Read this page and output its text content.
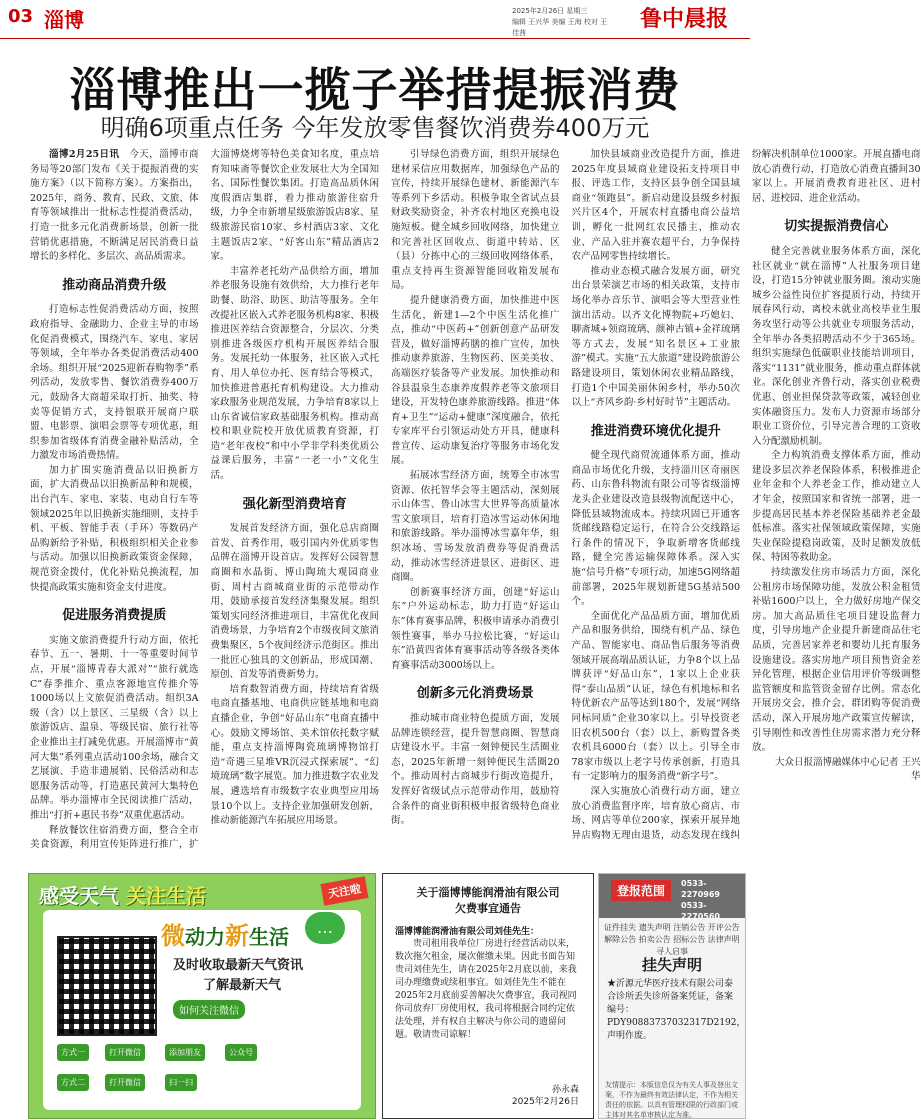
03 淄博	2025年2月26日 星期三
编辑 王兴华 美编 王海 校对 王佳茜
鲁中晨报
淄博推出一揽子举措提振消费
明确6项重点任务 今年发放零售餐饮消费券400万元

淄博2月25日讯　 今天，淄博市商务局等20部门发布《关于提振消费的实施方案》（以下简称方案）。方案指出，2025年，商务、教育、民政、文旅、体育等领域推出一批标志性提消费活动，打造一批多元化消费新场景，创新一批营销优惠措施，不断满足居民消费日益增长的多样化、多层次、高品质需求。

推动商品消费升级

打造标志性促消费活动方面，按照政府指导、金融助力、企业主导的市场化促消费模式，围绕汽车、家电、家居等领域，全年举办各类促消费活动400余场。组织开展“2025迎新春购物季”系列活动，发放零售、餐饮消费券400万元，鼓励各大商超采取打折、抽奖、特卖等促销方式，支持银联开展商户联盟、电影票、演唱会票等专项优惠，组织参加省级体育消费金融补贴活动，全力激发市场消费热情。

加力扩围实施消费品以旧换新方面，扩大消费品以旧换新品种和规模，出台汽车、家电、家装、电动自行车等领域2025年以旧换新实施细则，支持手机、平板、智能手表（手环）等数码产品购新给予补贴，积极组织相关企业参与活动。加强以旧换新政策资金保障，规范资金拨付，优化补贴兑换流程，加快提高政策实施和资金支付进度。

促进服务消费提质

实施文旅消费提升行动方面，依托春节、五一、暑期、十一等重要时间节点，开展“淄博青春大派对”“旅行就选C”春季推介、重点客源地宣传推介等1000场以上文旅促消费活动。组织3A级（含）以上景区、三星级（含）以上旅游饭店、温泉、等级民宿、旅行社等企业推出主打减免优惠。开展淄博市“黄河大集”系列重点活动100余场，融合文艺展演、手造非遗展销、民俗活动和志愿服务活动等，打造惠民黄河大集特色品牌。举办淄博市全民阅读推广活动，推出“打折+惠民书券”双重优惠活动。

释放餐饮住宿消费方面，整合全市美食资源，利用宣传矩阵进行推广，扩大淄博烧烤等特色美食知名度，重点培育知味斋等餐饮企业发展壮大为全国知名、国际性餐饮集团。打造高品质休闲度假酒店集群，着力推动旅游住宿升级，力争全市新增星级旅游饭店8家、星级旅游民宿10家、乡村酒店3家、文化主题饭店2家、“好客山东”精品酒店2家。

丰富养老托幼产品供给方面，增加养老服务设施有效供给，大力推行老年助餐、助浴、助医、助洁等服务。全年改提社区嵌入式养老服务机构8家、积极推进医养结合资源整合，分层次、分类别推进各级医疗机构开展医养结合服务。发展托幼一体服务，社区嵌入式托育、用人单位办托、医育结合等模式，加快推进普惠托育机构建设。大力推动家政服务业规范发展，力争培育8家以上山东省诚信家政基础服务机构。推动高校和职业院校开放优质教育资源，打造“老年夜校”和中小学非学科类优质公益课后服务，丰富“一老一小”文化生活。

强化新型消费培育

发展首发经济方面，强化总店商圈首发、首秀作用，吸引国内外优质零售品牌在淄博开设首店。发挥好公园智慧商圈和水晶街、博山陶琉大观园商业街、周村古商城商业街的示范带动作用，鼓励承接首发经济集聚发展。组织策划实同经济推进项目，丰富优化夜间消费场景，力争培育2个市级夜间文旅消费集聚区，5个夜间经济示范街区。推出一批匠心独具的文创新品，形成国潮、原创、首发等消费新势力。

培育数智消费方面，持续培育省级电商直播基地、电商供应链基地和电商直播企业，争创“好品山东”电商直播中心。鼓励文博场馆、美术馆依托数字赋能，重点支持淄博陶瓷琉璃博物馆打造“奇遇三星堆VR沉浸式探索展”、“幻境琉璃”数字展览。加力推进数字农业发展，遴选培育市级数字农业典型应用场景10个以上。支持企业加强研发创新，推动新能源汽车拓展应用场景。

引导绿色消费方面，组织开展绿色建材采信应用数据库，加强绿色产品的宣传，持续开展绿色建材、新能源汽车等系列下乡活动。积极争取全省试点县财政奖励资金，补齐农村地区充换电设施短板。健全城乡回收网络，加快建立和完善社区回收点、街道中转站、区（县）分拣中心的三级回收网络体系，重点支持再生资源智能回收箱发展布局。

提升健康消费方面，加快推进中医生活化，新建1—2个中医生活化推广点，推动“中医药+”创新创意产品研发营及，做好淄博药膳的推广宣传，加快推动康养旅游、生物医药、医美美妆、高端医疗装备等产业发展。加快推动和谷县温泉生态康养度假养老等文旅项目建设，开发特色康养旅游线路。推进“体育+卫生”“运动+健康”深度融合，依托专家库平台引领运动处方开具，健康科普宣传、运动康复治疗等服务市场化发展。

拓展冰雪经济方面，统筹全市冰雪资源、依托智华会等主题活动，深刻展示山体雪、鲁山冰雪大世界等高质量冰雪文旅项目，培育打造冰雪运动休闲地和旅游线路。举办淄博冰雪嘉年华，组织冰场、雪场发放消费券等促消费活动，推动冰雪经济进景区、进街区、进商圈。

创新赛事经济方面，创建“好运山东”户外运动标志，助力打造“好运山东”体育赛事品牌，积极申请承办消费引领性赛事，举办马拉松比赛，“好运山东”沿黄四省体育赛事活动等各级各类体育赛事活动3000场以上。

创新多元化消费场景

推动城市商业特色提质方面，发展品牌连锁经营，提升智慧商圈、智慧商店建设水平。丰富一刻钟便民生活圈业态，2025年新增一刻钟便民生活圈20个。推动周村古商城步行街改造提升，发挥好省级试点示范带动作用，鼓励符合条件的商业街积极申报省级特色商业街。

加快县域商业改造提升方面，推进2025年度县域商业建设拓支持项目申报、评选工作，支持区县争创全国县域商业“领跑县”。新启动建设县级乡村振兴片区4个，开展农村直播电商公益培训，孵化一批网红农民播主，推动农业、产品入驻并赛农超平台，力争保持农产品网零售持续增长。

推动业态模式融合发展方面，研究出台景荣演艺市场的相关政策，支持市场化举办音乐节、演唱会等大型营业性演出活动。以齐文化博物院+巧媳妇、聊斋城+领商琉璃、颜神古镇+金祥琉璃等方式去，发展“知名景区+工业旅游”模式。实施“五大旅道”建设跨旅游公路建设项目，策划休闲农业精品路线，打造1个中国美丽休闲乡村，举办50次以上“齐风乡韵·乡村好时节”主题活动。

推进消费环境优化提升

健全现代商贸流通体系方面，推动商品市场优化升级，支持淄川区奇丽医药、山东鲁科物流有限公司等省级淄博龙头企业建设改造县级物流配送中心，降低县域物流成本。持续巩固已开通客货邮线路稳定运行，在符合公交线路运行条件的情况下，争取新增客货邮线路，健全完善运输保障体系。深入实施“信号升格”专项行动，加速5G网络超前部署，2025年规划新建5G基站500个。

全面优化产品品质方面，增加优质产品和服务供给，围绕有机产品、绿色产品、智能家电、商品售后服务等消费领域开展高端品质认证，力争8个以上品牌获评“好品山东”，1家以上企业获得“泰山品质”认证，绿色有机地标和名特优新农产品等达到180个，发展“网络同标同质”企业30家以上。引导投资老旧农机500台（套）以上，新购置各类农机具6000台（套）以上。引导全市78家市级以上老字号传承创新，打造具有一定影响力的服务消费“新字号”。

深入实施放心消费行动方面，建立放心消费监督序库，培育放心商店、市场、网店等单位200家，探索开展异地异店购物无理由退货，动态发现在线纠纷解决机制单位1000家。开展直播电商放心消费行动，打造放心消费直播间30家以上。开展消费教育进社区、进村居、进校园、进企业活动。

切实提振消费信心

健全完善就业服务体系方面，深化社区就业“就在淄博”人社服务项目建设，打造15分钟就业服务圈。滚动实施城乡公益性岗位扩容提质行动，持续开展春风行动，离校未就业高校毕业生服务攻坚行动等公共就业专项服务活动，全年举办各类招聘活动不少于365场。组织实施绿色低碳职业技能培训项目，落实“1131”就业服务，推动重点群体就业。深化创业齐鲁行动，落实创业税费优惠、创业担保贷款等政策，减轻创业实体融资压力。发布人力资源市场部分职业工资价位，引导完善合理的工资收入分配激励机制。

全力构筑消费支撑体系方面，推动建设多层次养老保险体系，积极推进企业年金和个人养老金工作，推动建立人才年金，按照国家和省统一部署，进一步提高居民基本养老保险基础养老金最低标准。落实社保领域政策保障，实施失业保险提稳岗政策，及时足额发放低保、特困等救助金。

持续激发住房市场活力方面，深化公租房市场保障功能，发放公积金租赁补贴1600户以上，全力做好房地产保交房。加大高品质住宅项目建设监督力度，引导房地产企业提升新建商品住宅品质，完善居家养老和婴幼儿托育服务设施建设。落实房地产项目预售资金差异化管理，根据企业信用评价等级调整监管额度和监管资金留存比例。常态化开展房交会，推介会，群团购等促消费活动，深入开展房地产政策宣传解读，引导刚性和改善性住房需求潜力充分释放。

大众日报淄博融媒体中心记者 王兴华

感受天气 关注生活	天注啦
微动力新生活	…
及时收取最新天气资讯
了解最新天气
如何关注微信
方式一	打开微信	添加朋友	公众号
方式二	打开微信	扫一扫
关于淄博博能润滑油有限公司
欠费事宜通告
淄博博能润滑油有限公司刘佳先生：
贵司租用我单位厂房进行经营活动以来，数次拖欠租金，屡次催缴未果。因此书面告知贵司刘佳先生，请在2025年2月底以前，来我司办理缴费或续租事宜。如刘佳先生不能在2025年2月底前妥善解决欠费事宜，我司视同你司放弃厂房使用权，我司将根据合同约定依法处理，并有权自主解决与你公司的遗留问题。敬请贵司谅解！
孙永森
2025年2月26日
登报范围
0533-2270969
0533-2270560
证件挂失 遗失声明 注销公告 开评公告 解除公告 拍卖公告 招标公告 法律声明 寻人启事
挂失声明
★沂源元华医疗技术有限公司泰合诊所丢失诊所备案凭证，备案编号：PDY90883737032317D2192，声明作废。
友情提示：本版信息仅为有关人事及登出文案，不作为最终有效法律认定，不作为相关责任的依据。以具有管理权限的行政部门或主体对其名单审核认定为准。
